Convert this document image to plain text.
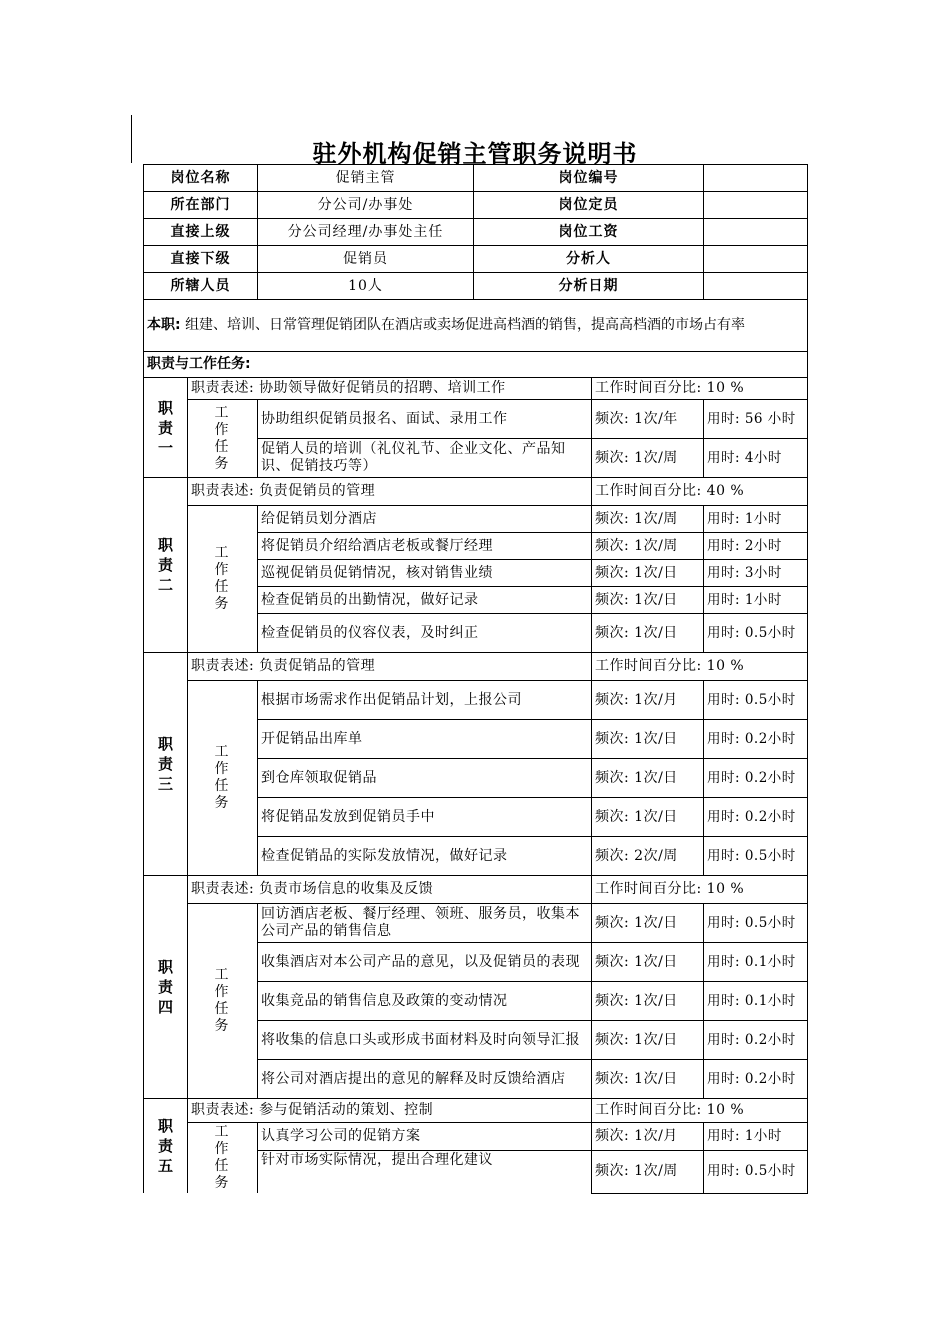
驻外机构促销主管职务说明书
岗位名称		促销主管	岗位编号		
所在部门		分公司/办事处	岗位定员		
直接上级		分公司经理/办事处主任	岗位工资		
直接下级		促销员	分析人		
所辖人员		10人	分析日期		
本职: 组建、培训、日常管理促销团队在酒店或卖场促进高档酒的销售，提高高档酒的市场占有率					
职责与工作任务:					
职责一	职责表述: 协助领导做好促销员的招聘、培训工作			工作时间百分比: 10 %	
	工作任务	协助组织促销员报名、面试、录用工作		频次: 1次/年	用时: 56 小时
		促销人员的培训（礼仪礼节、企业文化、产品知识、促销技巧等）		频次: 1次/周	用时: 4小时
职责二	职责表述: 负责促销员的管理			工作时间百分比: 40 %	
	工作任务	给促销员划分酒店		频次: 1次/周	用时: 1小时
		将促销员介绍给酒店老板或餐厅经理		频次: 1次/周	用时: 2小时
		巡视促销员促销情况，核对销售业绩		频次: 1次/日	用时: 3小时
		检查促销员的出勤情况，做好记录		频次: 1次/日	用时: 1小时
		检查促销员的仪容仪表，及时纠正		频次: 1次/日	用时: 0.5小时
职责三	职责表述: 负责促销品的管理			工作时间百分比: 10 %	
	工作任务	根据市场需求作出促销品计划，上报公司		频次: 1次/月	用时: 0.5小时
		开促销品出库单		频次: 1次/日	用时: 0.2小时
		到仓库领取促销品		频次: 1次/日	用时: 0.2小时
		将促销品发放到促销员手中		频次: 1次/日	用时: 0.2小时
		检查促销品的实际发放情况，做好记录		频次: 2次/周	用时: 0.5小时
职责四	职责表述: 负责市场信息的收集及反馈			工作时间百分比: 10 %	
	工作任务	回访酒店老板、餐厅经理、领班、服务员，收集本公司产品的销售信息		频次: 1次/日	用时: 0.5小时
		收集酒店对本公司产品的意见，以及促销员的表现		频次: 1次/日	用时: 0.1小时
		收集竞品的销售信息及政策的变动情况		频次: 1次/日	用时: 0.1小时
		将收集的信息口头或形成书面材料及时向领导汇报		频次: 1次/日	用时: 0.2小时
		将公司对酒店提出的意见的解释及时反馈给酒店		频次: 1次/日	用时: 0.2小时
职责五	职责表述: 参与促销活动的策划、控制			工作时间百分比: 10 %	
	工作任务	认真学习公司的促销方案		频次: 1次/月	用时: 1小时
		针对市场实际情况，提出合理化建议		频次: 1次/周	用时: 0.5小时
